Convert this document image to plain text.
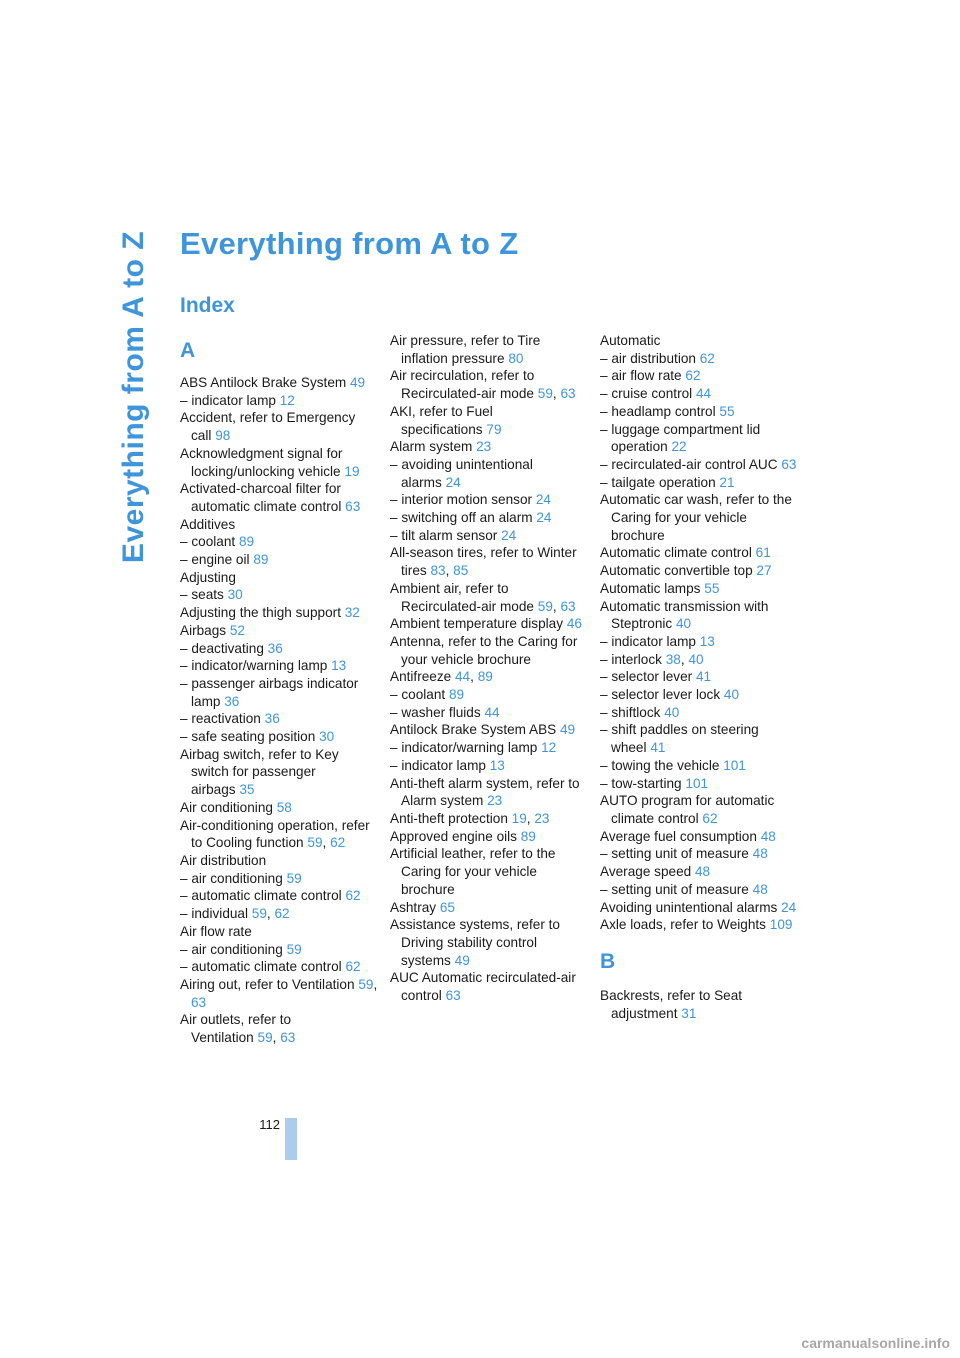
Everything from A to Z Everything from A to Z
Index
A
ABS Antilock Brake System 49
– indicator lamp 12
Accident, refer to Emergency call 98
Acknowledgment signal for locking/unlocking vehicle 19
Activated-charcoal filter for automatic climate control 63
Additives
– coolant 89
– engine oil 89
Adjusting
– seats 30
Adjusting the thigh support 32
Airbags 52
– deactivating 36
– indicator/warning lamp 13
– passenger airbags indicator lamp 36
– reactivation 36
– safe seating position 30
Airbag switch, refer to Key switch for passenger airbags 35
Air conditioning 58
Air-conditioning operation, refer to Cooling function 59, 62
Air distribution
– air conditioning 59
– automatic climate control 62
– individual 59, 62
Air flow rate
– air conditioning 59
– automatic climate control 62
Airing out, refer to Ventilation 59, 63
Air outlets, refer to Ventilation 59, 63
Air pressure, refer to Tire inflation pressure 80
Air recirculation, refer to Recirculated-air mode 59, 63
AKI, refer to Fuel specifications 79
Alarm system 23
– avoiding unintentional alarms 24
– interior motion sensor 24
– switching off an alarm 24
– tilt alarm sensor 24
All-season tires, refer to Winter tires 83, 85
Ambient air, refer to Recirculated-air mode 59, 63
Ambient temperature display 46
Antenna, refer to the Caring for your vehicle brochure
Antifreeze 44, 89
– coolant 89
– washer fluids 44
Antilock Brake System ABS 49
– indicator/warning lamp 12
– indicator lamp 13
Anti-theft alarm system, refer to Alarm system 23
Anti-theft protection 19, 23
Approved engine oils 89
Artificial leather, refer to the Caring for your vehicle brochure
Ashtray 65
Assistance systems, refer to Driving stability control systems 49
AUC Automatic recirculated-air control 63
Automatic
– air distribution 62
– air flow rate 62
– cruise control 44
– headlamp control 55
– luggage compartment lid operation 22
– recirculated-air control AUC 63
– tailgate operation 21
Automatic car wash, refer to the Caring for your vehicle brochure
Automatic climate control 61
Automatic convertible top 27
Automatic lamps 55
Automatic transmission with Steptronic 40
– indicator lamp 13
– interlock 38, 40
– selector lever 41
– selector lever lock 40
– shiftlock 40
– shift paddles on steering wheel 41
– towing the vehicle 101
– tow-starting 101
AUTO program for automatic climate control 62
Average fuel consumption 48
– setting unit of measure 48
Average speed 48
– setting unit of measure 48
Avoiding unintentional alarms 24
Axle loads, refer to Weights 109
B
Backrests, refer to Seat adjustment 31
112
carmanualsonline.info
